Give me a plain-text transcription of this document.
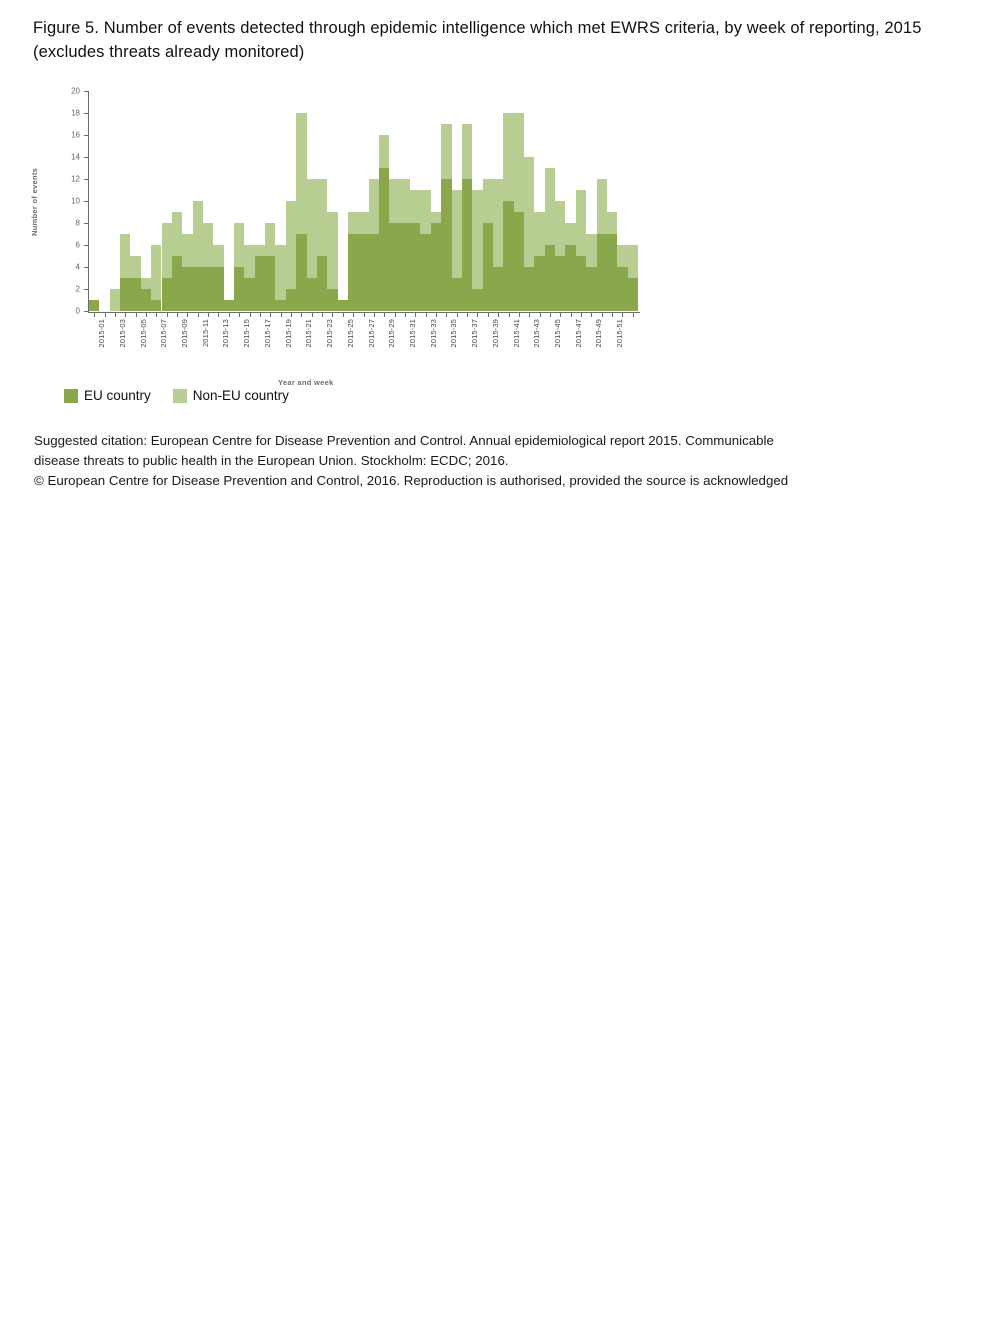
Figure 5. Number of events detected through epidemic intelligence which met EWRS criteria, by week of reporting, 2015 (excludes threats already monitored)
Number of events
0
2
4
6
8
10
12
14
16
18
20
2015-01 2015-03 2015-05 2015-07 2015-09 2015-11 2015-13 2015-15 2015-17 2015-19 2015-21 2015-23 2015-25 2015-27 2015-29 2015-31 2015-33 2015-35 2015-37 2015-39 2015-41 2015-43 2015-45 2015-47 2015-49 2015-51
Year and week
EU country	Non-EU country
Suggested citation: European Centre for Disease Prevention and Control. Annual epidemiological report 2015. Communicable
disease threats to public health in the European Union. Stockholm: ECDC; 2016.
© European Centre for Disease Prevention and Control, 2016. Reproduction is authorised, provided the source is acknowledged
